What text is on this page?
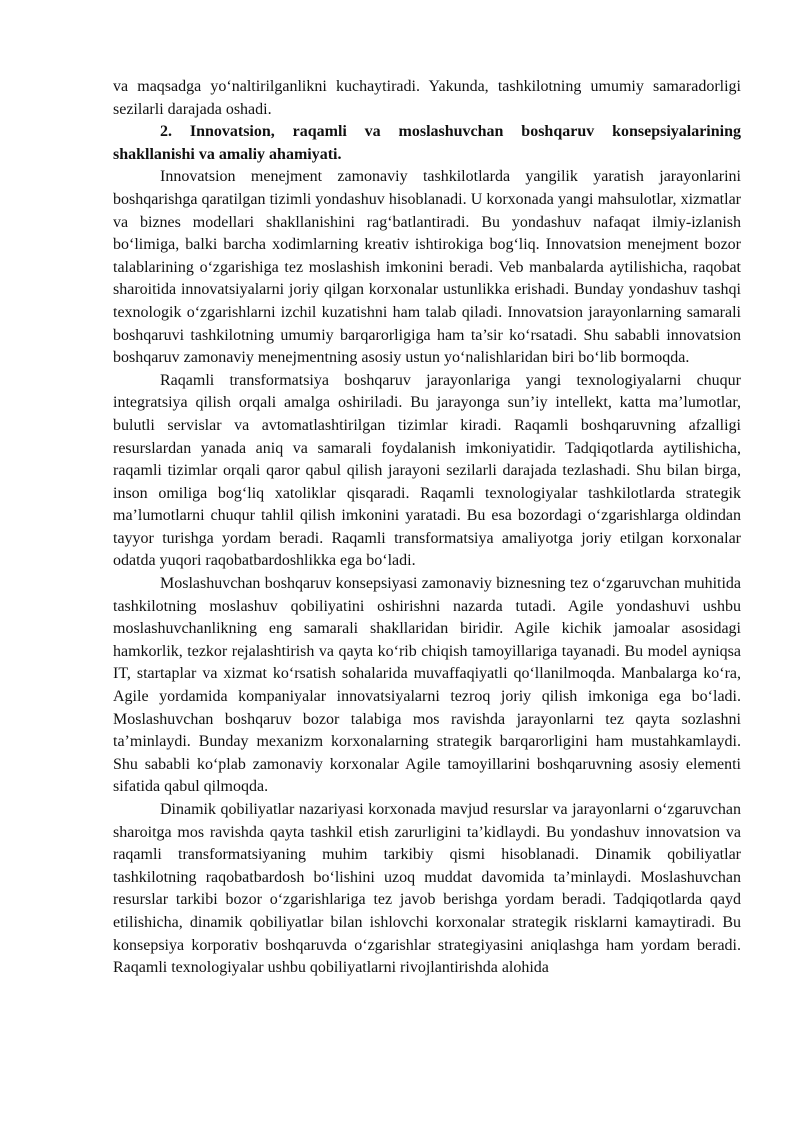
va maqsadga yo‘naltirilganlikni kuchaytiradi. Yakunda, tashkilotning umumiy samaradorligi sezilarli darajada oshadi.

2. Innovatsion, raqamli va moslashuvchan boshqaruv konsepsiyalarining shakllanishi va amaliy ahamiyati.

Innovatsion menejment zamonaviy tashkilotlarda yangilik yaratish jarayonlarini boshqarishga qaratilgan tizimli yondashuv hisoblanadi. U korxonada yangi mahsulotlar, xizmatlar va biznes modellari shakllanishini rag‘batlantiradi. Bu yondashuv nafaqat ilmiy-izlanish bo‘limiga, balki barcha xodimlarning kreativ ishtirokiga bog‘liq. Innovatsion menejment bozor talablarining o‘zgarishiga tez moslashish imkonini beradi. Veb manbalarda aytilishicha, raqobat sharoitida innovatsiyalarni joriy qilgan korxonalar ustunlikka erishadi. Bunday yondashuv tashqi texnologik o‘zgarishlarni izchil kuzatishni ham talab qiladi. Innovatsion jarayonlarning samarali boshqaruvi tashkilotning umumiy barqarorligiga ham ta’sir ko‘rsatadi. Shu sababli innovatsion boshqaruv zamonaviy menejmentning asosiy ustun yo‘nalishlaridan biri bo‘lib bormoqda.

Raqamli transformatsiya boshqaruv jarayonlariga yangi texnologiyalarni chuqur integratsiya qilish orqali amalga oshiriladi. Bu jarayonga sun’iy intellekt, katta ma’lumotlar, bulutli servislar va avtomatlashtirilgan tizimlar kiradi. Raqamli boshqaruvning afzalligi resurslardan yanada aniq va samarali foydalanish imkoniyatidir. Tadqiqotlarda aytilishicha, raqamli tizimlar orqali qaror qabul qilish jarayoni sezilarli darajada tezlashadi. Shu bilan birga, inson omiliga bog‘liq xatoliklar qisqaradi. Raqamli texnologiyalar tashkilotlarda strategik ma’lumotlarni chuqur tahlil qilish imkonini yaratadi. Bu esa bozordagi o‘zgarishlarga oldindan tayyor turishga yordam beradi. Raqamli transformatsiya amaliyotga joriy etilgan korxonalar odatda yuqori raqobatbardoshlikka ega bo‘ladi.

Moslashuvchan boshqaruv konsepsiyasi zamonaviy biznesning tez o‘zgaruvchan muhitida tashkilotning moslashuv qobiliyatini oshirishni nazarda tutadi. Agile yondashuvi ushbu moslashuvchanlikning eng samarali shakllaridan biridir. Agile kichik jamoalar asosidagi hamkorlik, tezkor rejalashtirish va qayta ko‘rib chiqish tamoyillariga tayanadi. Bu model ayniqsa IT, startaplar va xizmat ko‘rsatish sohalarida muvaffaqiyatli qo‘llanilmoqda. Manbalarga ko‘ra, Agile yordamida kompaniyalar innovatsiyalarni tezroq joriy qilish imkoniga ega bo‘ladi. Moslashuvchan boshqaruv bozor talabiga mos ravishda jarayonlarni tez qayta sozlashni ta’minlaydi. Bunday mexanizm korxonalarning strategik barqarorligini ham mustahkamlaydi. Shu sababli ko‘plab zamonaviy korxonalar Agile tamoyillarini boshqaruvning asosiy elementi sifatida qabul qilmoqda.

Dinamik qobiliyatlar nazariyasi korxonada mavjud resurslar va jarayonlarni o‘zgaruvchan sharoitga mos ravishda qayta tashkil etish zarurligini ta’kidlaydi. Bu yondashuv innovatsion va raqamli transformatsiyaning muhim tarkibiy qismi hisoblanadi. Dinamik qobiliyatlar tashkilotning raqobatbardosh bo‘lishini uzoq muddat davomida ta’minlaydi. Moslashuvchan resurslar tarkibi bozor o‘zgarishlariga tez javob berishga yordam beradi. Tadqiqotlarda qayd etilishicha, dinamik qobiliyatlar bilan ishlovchi korxonalar strategik risklarni kamaytiradi. Bu konsepsiya korporativ boshqaruvda o‘zgarishlar strategiyasini aniqlashga ham yordam beradi. Raqamli texnologiyalar ushbu qobiliyatlarni rivojlantirishda alohida
